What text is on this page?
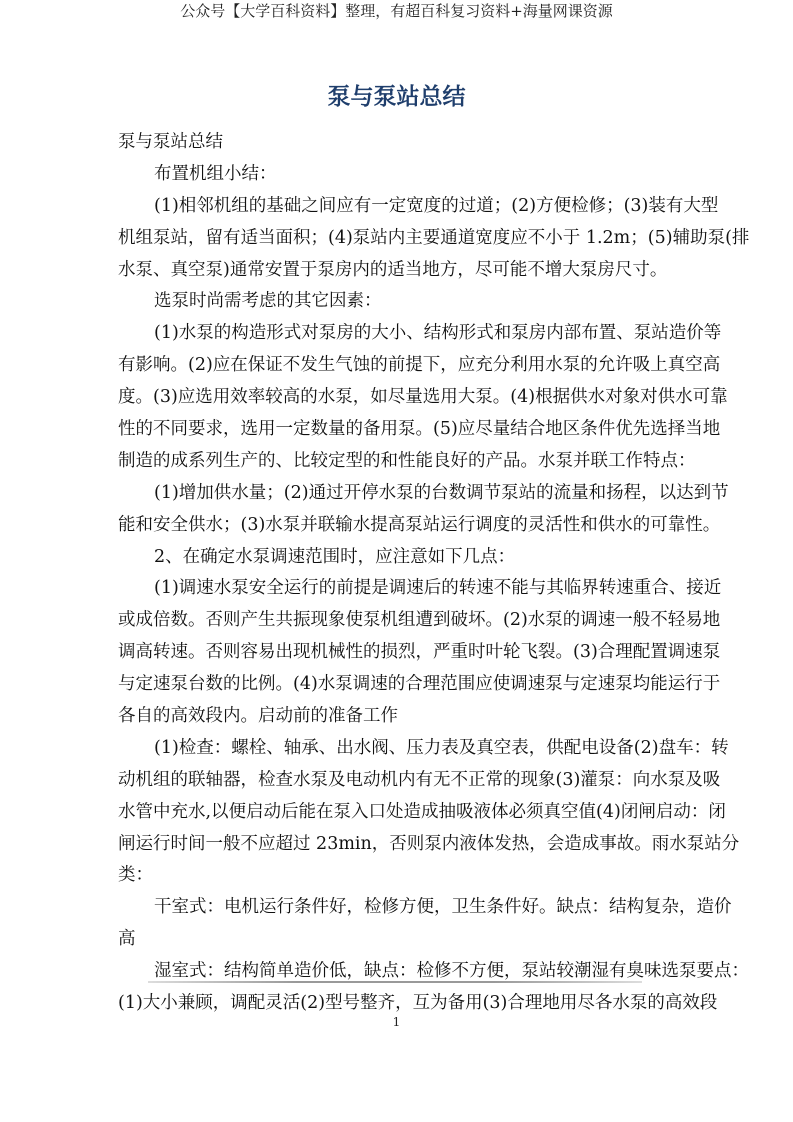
公众号【大学百科资料】整理，有超百科复习资料+海量网课资源
泵与泵站总结
泵与泵站总结
布置机组小结：
(1)相邻机组的基础之间应有一定宽度的过道；(2)方便检修；(3)装有大型
机组泵站，留有适当面积；(4)泵站内主要通道宽度应不小于 1.2m；(5)辅助泵(排
水泵、真空泵)通常安置于泵房内的适当地方，尽可能不增大泵房尺寸。
选泵时尚需考虑的其它因素：
(1)水泵的构造形式对泵房的大小、结构形式和泵房内部布置、泵站造价等
有影响。(2)应在保证不发生气蚀的前提下，应充分利用水泵的允许吸上真空高
度。(3)应选用效率较高的水泵，如尽量选用大泵。(4)根据供水对象对供水可靠
性的不同要求，选用一定数量的备用泵。(5)应尽量结合地区条件优先选择当地
制造的成系列生产的、比较定型的和性能良好的产品。水泵并联工作特点：
(1)增加供水量；(2)通过开停水泵的台数调节泵站的流量和扬程，以达到节
能和安全供水；(3)水泵并联输水提高泵站运行调度的灵活性和供水的可靠性。
2、在确定水泵调速范围时，应注意如下几点：
(1)调速水泵安全运行的前提是调速后的转速不能与其临界转速重合、接近
或成倍数。否则产生共振现象使泵机组遭到破坏。(2)水泵的调速一般不轻易地
调高转速。否则容易出现机械性的损烈，严重时叶轮飞裂。(3)合理配置调速泵
与定速泵台数的比例。(4)水泵调速的合理范围应使调速泵与定速泵均能运行于
各自的高效段内。启动前的准备工作
(1)检查：螺栓、轴承、出水阀、压力表及真空表，供配电设备(2)盘车：转
动机组的联轴器，检查水泵及电动机内有无不正常的现象(3)灌泵：向水泵及吸
水管中充水,以便启动后能在泵入口处造成抽吸液体必须真空值(4)闭闸启动：闭
闸运行时间一般不应超过 23min，否则泵内液体发热，会造成事故。雨水泵站分
类：
干室式：电机运行条件好，检修方便，卫生条件好。缺点：结构复杂，造价
高
湿室式：结构简单造价低，缺点：检修不方便，泵站较潮湿有臭味选泵要点：
(1)大小兼顾，调配灵活(2)型号整齐，互为备用(3)合理地用尽各水泵的高效段
1
